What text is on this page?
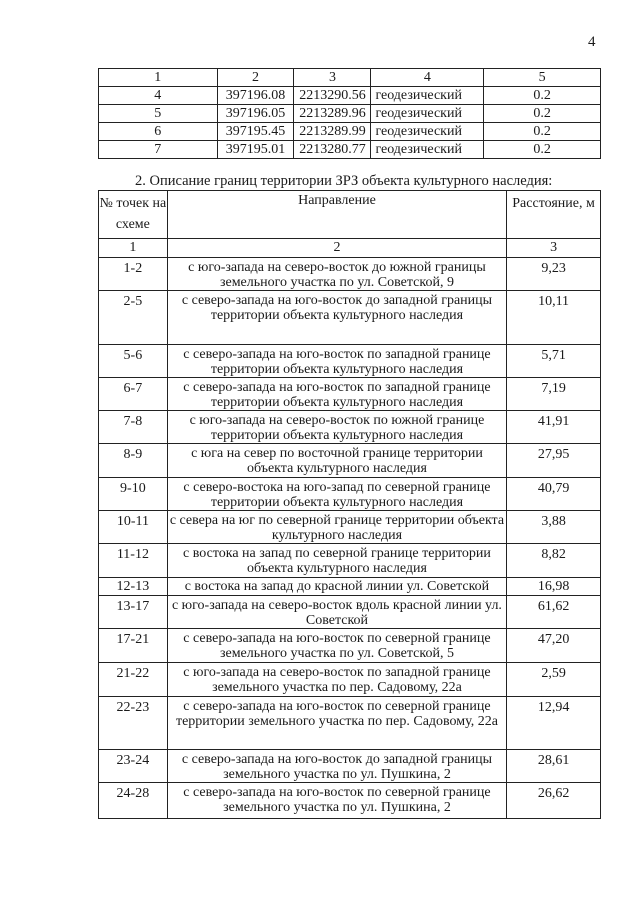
4
1	2	3	4	5
4	397196.08	2213290.56	геодезический	0.2
5	397196.05	2213289.96	геодезический	0.2
6	397195.45	2213289.99	геодезический	0.2
7	397195.01	2213280.77	геодезический	0.2
2. Описание границ территории ЗРЗ объекта культурного наследия:
№ точек на схеме	Направление	Расстояние, м
1	2	3
1-2	с юго-запада на северо-восток до южной границы земельного участка по ул. Советской, 9	9,23
2-5	с северо-запада на юго-восток до западной границы территории объекта культурного наследия	10,11
5-6	с северо-запада на юго-восток по западной границе территории объекта культурного наследия	5,71
6-7	с северо-запада на юго-восток по западной границе территории объекта культурного наследия	7,19
7-8	с юго-запада на северо-восток по южной границе территории объекта культурного наследия	41,91
8-9	с юга на север по восточной границе территории объекта культурного наследия	27,95
9-10	с северо-востока на юго-запад по северной границе территории объекта культурного наследия	40,79
10-11	с севера на юг по северной границе территории объекта культурного наследия	3,88
11-12	с востока на запад по северной границе территории объекта культурного наследия	8,82
12-13	с востока на запад до красной линии ул. Советской	16,98
13-17	с юго-запада на северо-восток вдоль красной линии ул. Советской	61,62
17-21	с северо-запада на юго-восток по северной границе земельного участка по ул. Советской, 5	47,20
21-22	с юго-запада на северо-восток по западной границе земельного участка по пер. Садовому, 22а	2,59
22-23	с северо-запада на юго-восток по северной границе территории земельного участка по пер. Садовому, 22а	12,94
23-24	с северо-запада на юго-восток до западной границы земельного участка по ул. Пушкина, 2	28,61
24-28	с северо-запада на юго-восток по северной границе земельного участка по ул. Пушкина, 2	26,62
